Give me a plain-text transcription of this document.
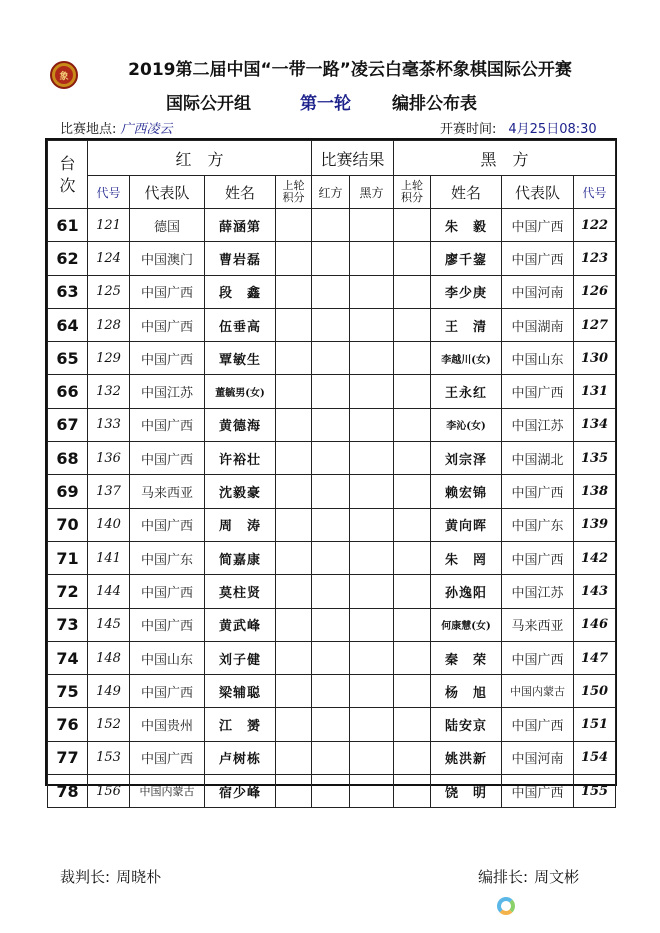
象	2019第二届中国“一带一路”凌云白毫茶杯象棋国际公开赛
国际公开组	第一轮 编排公布表
比赛地点: 广西凌云	开赛时间: 4月25日08:30
台次	红　方				比赛结果		黑　方			
	代号	代表队	姓名	上轮积分	红方	黑方	上轮积分	姓名	代表队	代号
61	121	德国	薛涵第					朱　毅	中国广西	122
62	124	中国澳门	曹岩磊					廖千鋆	中国广西	123
63	125	中国广西	段　鑫					李少庚	中国河南	126
64	128	中国广西	伍垂高					王　清	中国湖南	127
65	129	中国广西	覃敏生					李越川(女)	中国山东	130
66	132	中国江苏	董毓男(女)					王永红	中国广西	131
67	133	中国广西	黄德海					李沁(女)	中国江苏	134
68	136	中国广西	许裕壮					刘宗泽	中国湖北	135
69	137	马来西亚	沈毅豪					赖宏锦	中国广西	138
70	140	中国广西	周　涛					黄向晖	中国广东	139
71	141	中国广东	简嘉康					朱　罔	中国广西	142
72	144	中国广西	莫柱贤					孙逸阳	中国江苏	143
73	145	中国广西	黄武峰					何康慧(女)	马来西亚	146
74	148	中国山东	刘子健					秦　荣	中国广西	147
75	149	中国广西	梁辅聪					杨　旭	中国内蒙古	150
76	152	中国贵州	江　赟					陆安京	中国广西	151
77	153	中国广西	卢树栋					姚洪新	中国河南	154
78	156	中国内蒙古	宿少峰					饶　明	中国广西	155
裁判长: 周晓朴	编排长: 周文彬
